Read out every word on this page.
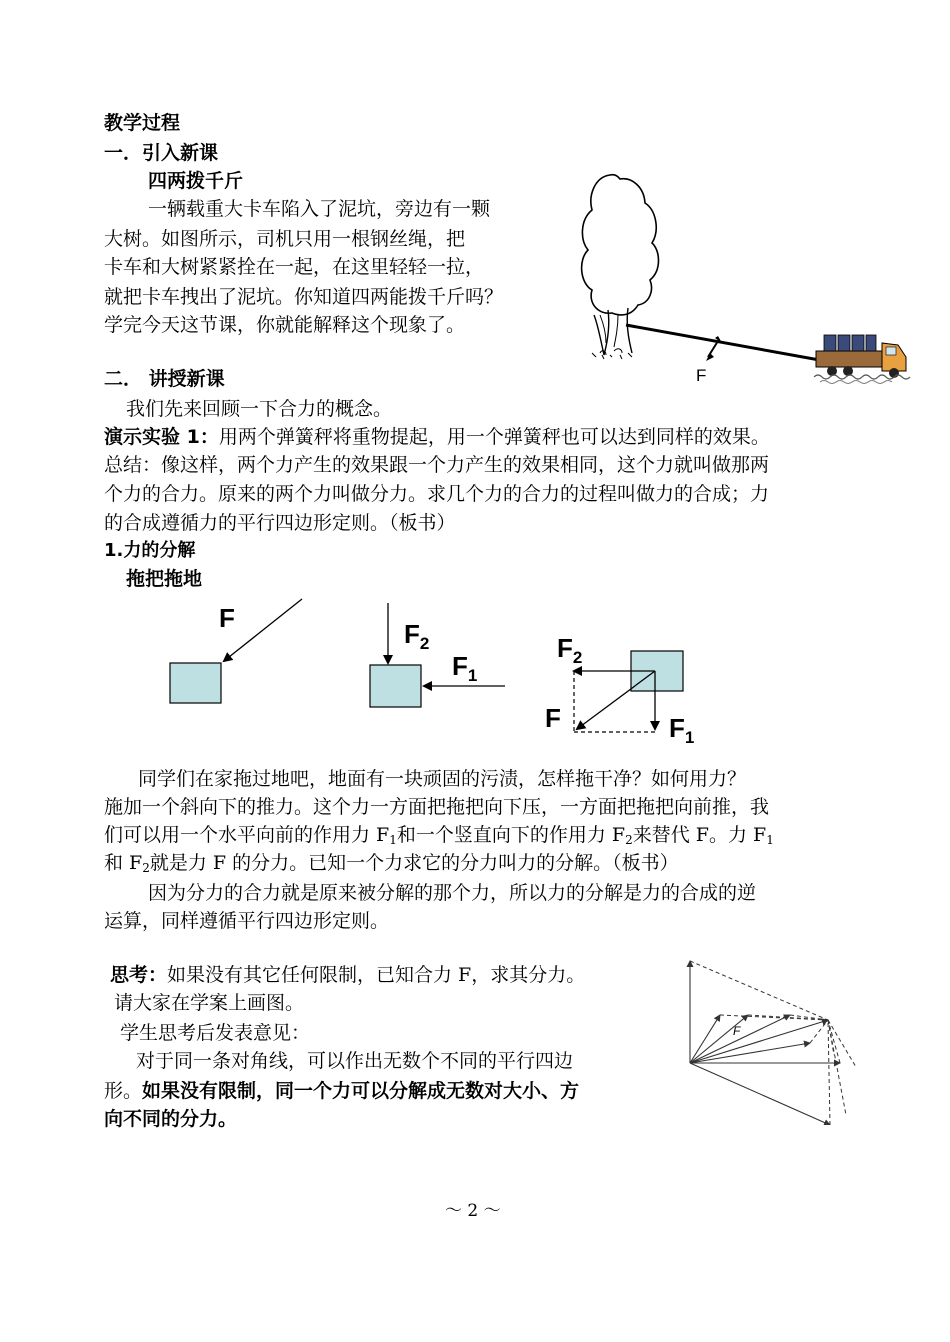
教学过程
一．引入新课
四两拨千斤
一辆载重大卡车陷入了泥坑，旁边有一颗
大树。如图所示，司机只用一根钢丝绳，把
卡车和大树紧紧拴在一起，在这里轻轻一拉，
就把卡车拽出了泥坑。你知道四两能拨千斤吗？
学完今天这节课，你就能解释这个现象了。
F
二． 讲授新课
我们先来回顾一下合力的概念。
演示实验 1：用两个弹簧秤将重物提起，用一个弹簧秤也可以达到同样的效果。
总结：像这样，两个力产生的效果跟一个力产生的效果相同，这个力就叫做那两
个力的合力。原来的两个力叫做分力。求几个力的合力的过程叫做力的合成；力
的合成遵循力的平行四边形定则。（板书）
1.力的分解
拖把拖地
F
$F_2$
$F_1$
$F_2$
F	$F_1$
同学们在家拖过地吧，地面有一块顽固的污渍，怎样拖干净？如何用力？
施加一个斜向下的推力。这个力一方面把拖把向下压，一方面把拖把向前推，我
们可以用一个水平向前的作用力 $F_1$和一个竖直向下的作用力 $F_2$来替代 F。力 $F_1$
和 $F_2$就是力 F 的分力。已知一个力求它的分力叫力的分解。（板书）
因为分力的合力就是原来被分解的那个力，所以力的分解是力的合成的逆
运算，同样遵循平行四边形定则。
思考：如果没有其它任何限制，已知合力 F，求其分力。
请大家在学案上画图。
学生思考后发表意见：
对于同一条对角线，可以作出无数个不同的平行四边
形。如果没有限制，同一个力可以分解成无数对大小、方
向不同的分力。
F
～ 2 ～
